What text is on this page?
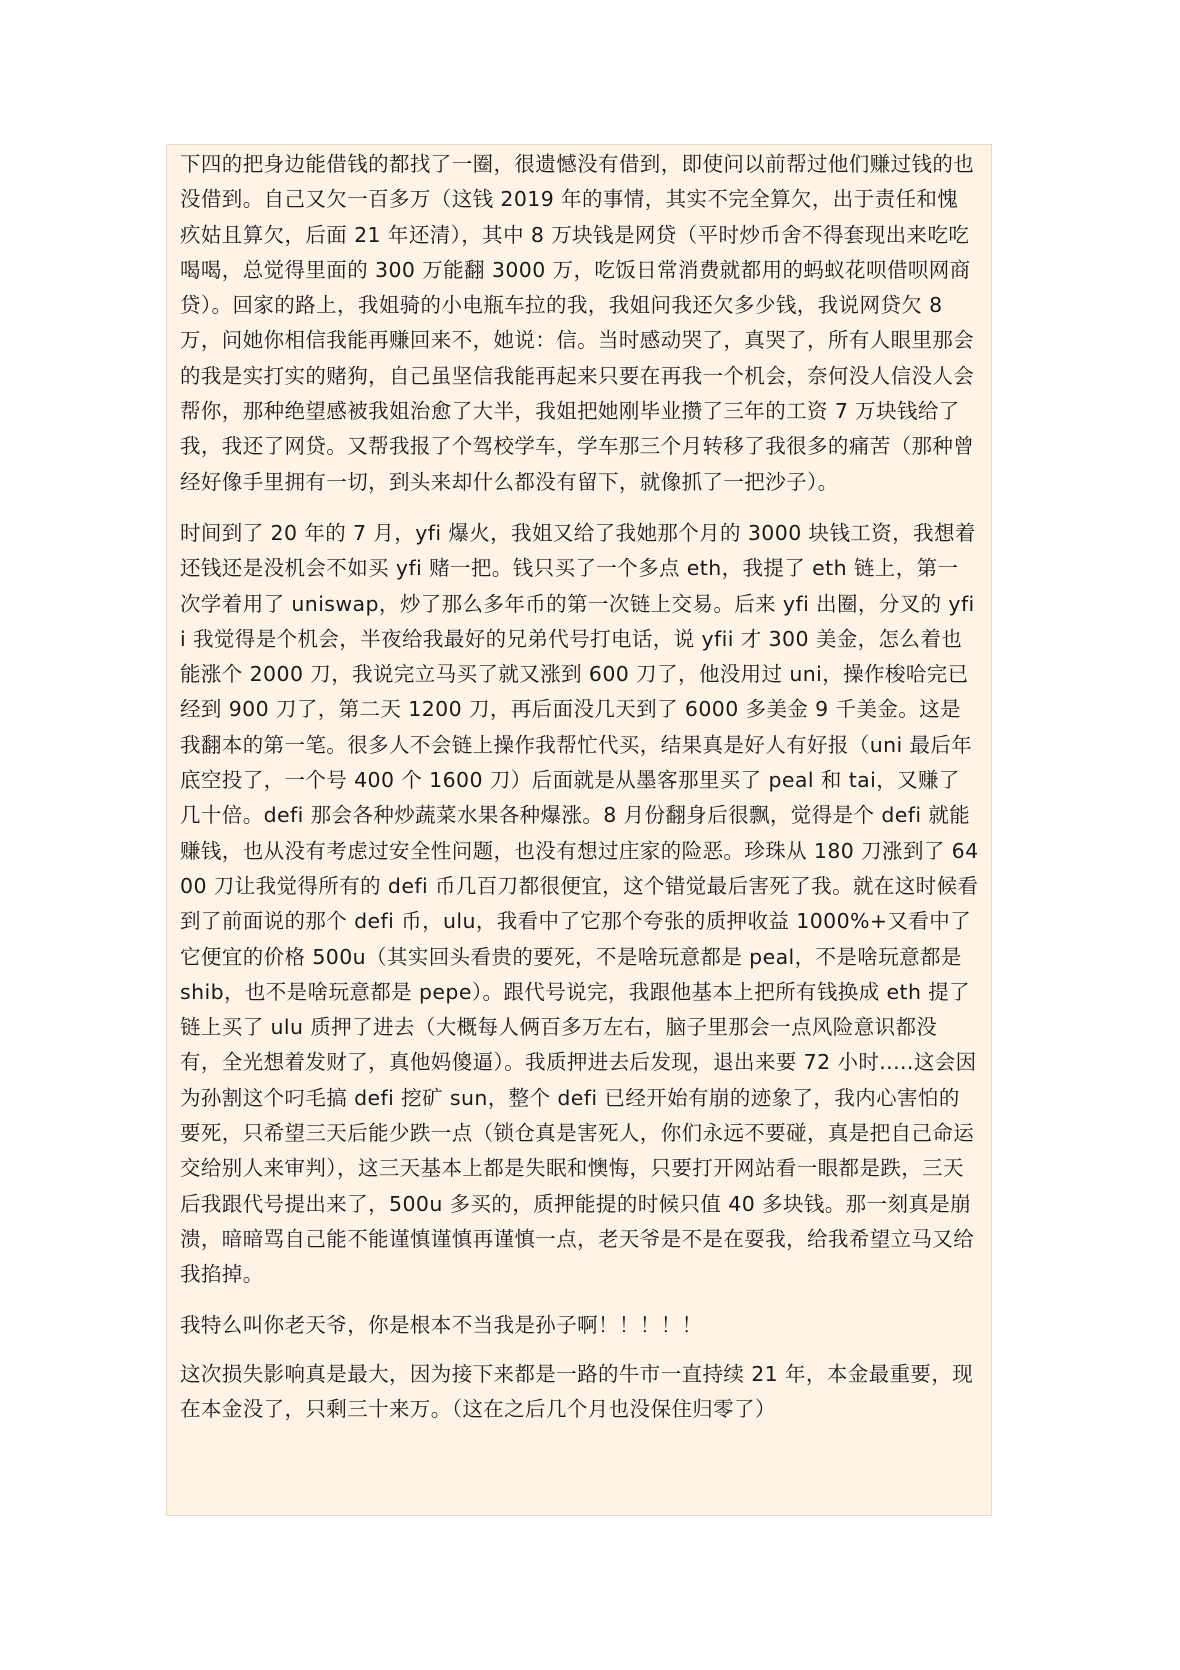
下四的把身边能借钱的都找了一圈，很遗憾没有借到，即使问以前帮过他们赚过钱的也没借到。自己又欠一百多万（这钱 2019 年的事情，其实不完全算欠，出于责任和愧疚姑且算欠，后面 21 年还清），其中 8 万块钱是网贷（平时炒币舍不得套现出来吃吃喝喝，总觉得里面的 300 万能翻 3000 万，吃饭日常消费就都用的蚂蚁花呗借呗网商贷）。回家的路上，我姐骑的小电瓶车拉的我，我姐问我还欠多少钱，我说网贷欠 8 万，问她你相信我能再赚回来不，她说：信。当时感动哭了，真哭了，所有人眼里那会的我是实打实的赌狗，自己虽坚信我能再起来只要在再我一个机会，奈何没人信没人会帮你，那种绝望感被我姐治愈了大半，我姐把她刚毕业攒了三年的工资 7 万块钱给了我，我还了网贷。又帮我报了个驾校学车，学车那三个月转移了我很多的痛苦（那种曾经好像手里拥有一切，到头来却什么都没有留下，就像抓了一把沙子）。

时间到了 20 年的 7 月，yfi 爆火，我姐又给了我她那个月的 3000 块钱工资，我想着还钱还是没机会不如买 yfi 赌一把。钱只买了一个多点 eth，我提了 eth 链上，第一次学着用了 uniswap，炒了那么多年币的第一次链上交易。后来 yfi 出圈，分叉的 yfii 我觉得是个机会，半夜给我最好的兄弟代号打电话，说 yfii 才 300 美金，怎么着也能涨个 2000 刀，我说完立马买了就又涨到 600 刀了，他没用过 uni，操作梭哈完已经到 900 刀了，第二天 1200 刀，再后面没几天到了 6000 多美金 9 千美金。这是我翻本的第一笔。很多人不会链上操作我帮忙代买，结果真是好人有好报（uni 最后年底空投了，一个号 400 个 1600 刀）后面就是从墨客那里买了 peal 和 tai，又赚了几十倍。defi 那会各种炒蔬菜水果各种爆涨。8 月份翻身后很飘，觉得是个 defi 就能赚钱，也从没有考虑过安全性问题，也没有想过庄家的险恶。珍珠从 180 刀涨到了 6400 刀让我觉得所有的 defi 币几百刀都很便宜，这个错觉最后害死了我。就在这时候看到了前面说的那个 defi 币，ulu，我看中了它那个夸张的质押收益 1000%+又看中了它便宜的价格 500u（其实回头看贵的要死，不是啥玩意都是 peal，不是啥玩意都是 shib，也不是啥玩意都是 pepe）。跟代号说完，我跟他基本上把所有钱换成 eth 提了链上买了 ulu 质押了进去（大概每人俩百多万左右，脑子里那会一点风险意识都没有，全光想着发财了，真他妈傻逼）。我质押进去后发现，退出来要 72 小时.....这会因为孙割这个叼毛搞 defi 挖矿 sun，整个 defi 已经开始有崩的迹象了，我内心害怕的要死，只希望三天后能少跌一点（锁仓真是害死人，你们永远不要碰，真是把自己命运交给别人来审判），这三天基本上都是失眠和懊悔，只要打开网站看一眼都是跌，三天后我跟代号提出来了，500u 多买的，质押能提的时候只值 40 多块钱。那一刻真是崩溃，暗暗骂自己能不能谨慎谨慎再谨慎一点，老天爷是不是在耍我，给我希望立马又给我掐掉。

我特么叫你老天爷，你是根本不当我是孙子啊！！！！！

这次损失影响真是最大，因为接下来都是一路的牛市一直持续 21 年，本金最重要，现在本金没了，只剩三十来万。（这在之后几个月也没保住归零了）
